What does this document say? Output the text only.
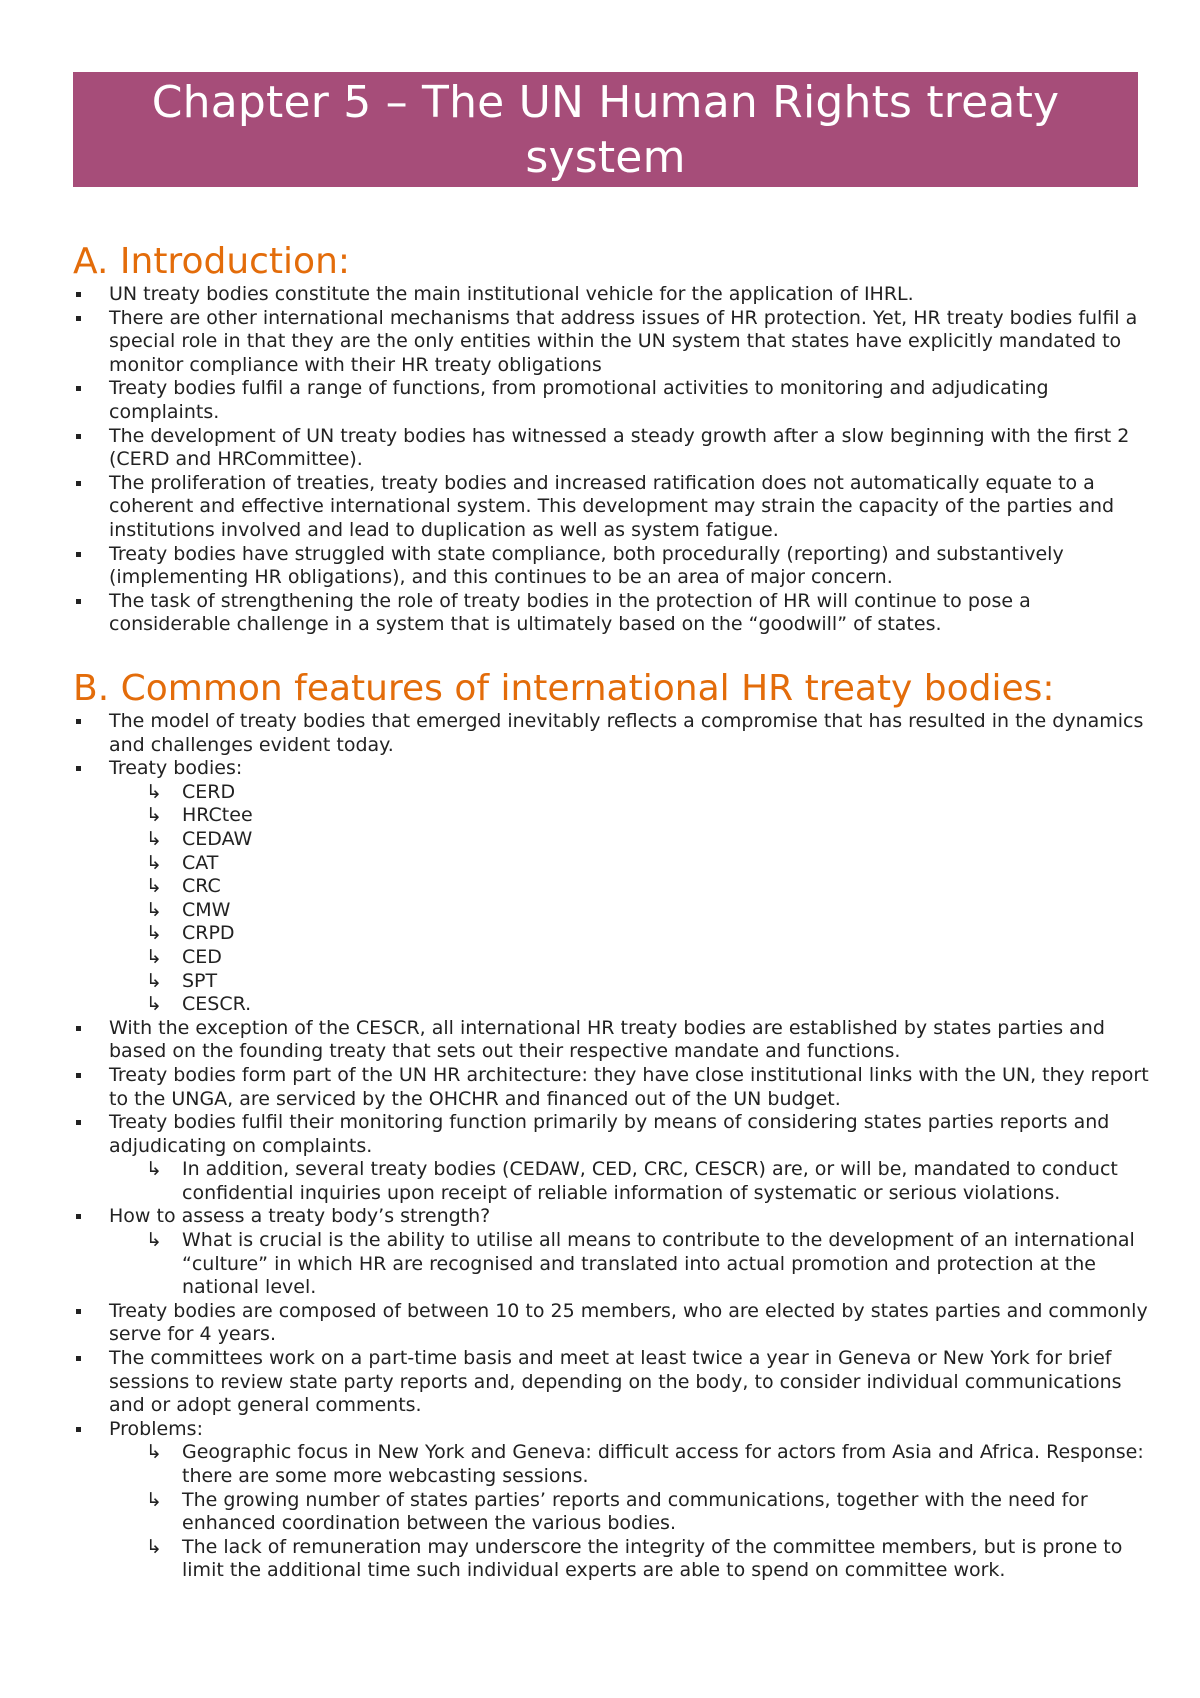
Chapter 5 – The UN Human Rights treaty system
A. Introduction:
UN treaty bodies constitute the main institutional vehicle for the application of IHRL.
There are other international mechanisms that address issues of HR protection. Yet, HR treaty bodies fulfil a special role in that they are the only entities within the UN system that states have explicitly mandated to monitor compliance with their HR treaty obligations
Treaty bodies fulfil a range of functions, from promotional activities to monitoring and adjudicating complaints.
The development of UN treaty bodies has witnessed a steady growth after a slow beginning with the first 2 (CERD and HRCommittee).
The proliferation of treaties, treaty bodies and increased ratification does not automatically equate to a coherent and effective international system. This development may strain the capacity of the parties and institutions involved and lead to duplication as well as system fatigue.
Treaty bodies have struggled with state compliance, both procedurally (reporting) and substantively (implementing HR obligations), and this continues to be an area of major concern.
The task of strengthening the role of treaty bodies in the protection of HR will continue to pose a considerable challenge in a system that is ultimately based on the “goodwill” of states.
B. Common features of international HR treaty bodies:
The model of treaty bodies that emerged inevitably reflects a compromise that has resulted in the dynamics and challenges evident today.
Treaty bodies:
↳ CERD
↳ HRCtee
↳ CEDAW
↳ CAT
↳ CRC
↳ CMW
↳ CRPD
↳ CED
↳ SPT
↳ CESCR.
With the exception of the CESCR, all international HR treaty bodies are established by states parties and based on the founding treaty that sets out their respective mandate and functions.
Treaty bodies form part of the UN HR architecture: they have close institutional links with the UN, they report to the UNGA, are serviced by the OHCHR and financed out of the UN budget.
Treaty bodies fulfil their monitoring function primarily by means of considering states parties reports and adjudicating on complaints.
↳ In addition, several treaty bodies (CEDAW, CED, CRC, CESCR) are, or will be, mandated to conduct confidential inquiries upon receipt of reliable information of systematic or serious violations.
How to assess a treaty body’s strength?
↳ What is crucial is the ability to utilise all means to contribute to the development of an international “culture” in which HR are recognised and translated into actual promotion and protection at the national level.
Treaty bodies are composed of between 10 to 25 members, who are elected by states parties and commonly serve for 4 years.
The committees work on a part-time basis and meet at least twice a year in Geneva or New York for brief sessions to review state party reports and, depending on the body, to consider individual communications and or adopt general comments.
Problems:
↳ Geographic focus in New York and Geneva: difficult access for actors from Asia and Africa. Response: there are some more webcasting sessions.
↳ The growing number of states parties’ reports and communications, together with the need for enhanced coordination between the various bodies.
↳ The lack of remuneration may underscore the integrity of the committee members, but is prone to limit the additional time such individual experts are able to spend on committee work.
